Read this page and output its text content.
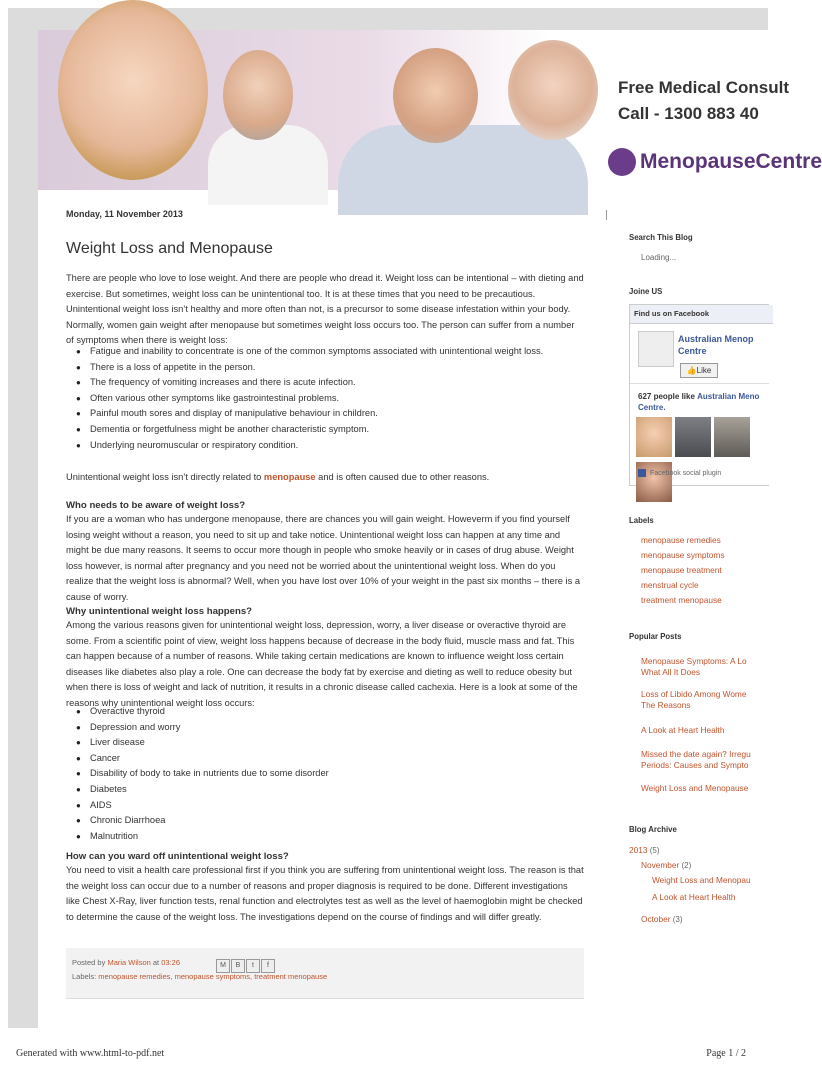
Free Medical Consult
Call - 1300 883 40
MenopauseCentre
Monday, 11 November 2013
Weight Loss and Menopause
There are people who love to lose weight. And there are people who dread it. Weight loss can be intentional – with dieting and exercise. But sometimes, weight loss can be unintentional too. It is at these times that you need to be precautious. Unintentional weight loss isn’t healthy and more often than not, is a precursor to some disease infestation within your body. Normally, women gain weight after menopause but sometimes weight loss occurs too. The person can suffer from a number of symptoms when there is weight loss:
● Fatigue and inability to concentrate is one of the common symptoms associated with unintentional weight loss.
● There is a loss of appetite in the person.
● The frequency of vomiting increases and there is acute infection.
● Often various other symptoms like gastrointestinal problems.
● Painful mouth sores and display of manipulative behaviour in children.
● Dementia or forgetfulness might be another characteristic symptom.
● Underlying neuromuscular or respiratory condition.
Unintentional weight loss isn’t directly related to menopause and is often caused due to other reasons.
Who needs to be aware of weight loss?
If you are a woman who has undergone menopause, there are chances you will gain weight. Howeverm if you find yourself losing weight without a reason, you need to sit up and take notice. Unintentional weight loss can happen at any time and might be due many reasons. It seems to occur more though in people who smoke heavily or in cases of drug abuse. Weight loss however, is normal after pregnancy and you need not be worried about the unintentional weight loss. When do you realize that the weight loss is abnormal? Well, when you have lost over 10% of your weight in the past six months – there is a cause of worry.
Why unintentional weight loss happens?
Among the various reasons given for unintentional weight loss, depression, worry, a liver disease or overactive thyroid are some. From a scientific point of view, weight loss happens because of decrease in the body fluid, muscle mass and fat. This can happen because of a number of reasons. While taking certain medications are known to influence weight loss certain diseases like diabetes also play a role. One can decrease the body fat by exercise and dieting as well to reduce obesity but when there is loss of weight and lack of nutrition, it results in a chronic disease called cachexia. Here is a look at some of the reasons why unintentional weight loss occurs:
● Overactive thyroid
● Depression and worry
● Liver disease
● Cancer
● Disability of body to take in nutrients due to some disorder
● Diabetes
● AIDS
● Chronic Diarrhoea
● Malnutrition
How can you ward off unintentional weight loss?
You need to visit a health care professional first if you think you are suffering from unintentional weight loss. The reason is that the weight loss can occur due to a number of reasons and proper diagnosis is required to be done. Different investigations like Chest X-Ray, liver function tests, renal function and electrolytes test as well as the level of haemoglobin might be checked to determine the cause of the weight loss. The investigations depend on the course of findings and will differ greatly.
Posted by Maria Wilson at 03:26	M B t f
Labels: menopause remedies, menopause symptoms, treatment menopause
Search This Blog
Loading...
Joine US
Find us on Facebook
Australian Menop
Centre
👍Like
627 people like Australian Meno
Centre.
Facebook social plugin
Labels
menopause remedies
menopause symptoms
menopause treatment
menstrual cycle
treatment menopause
Popular Posts
Menopause Symptoms: A Lo
What All It Does
Loss of Libido Among Wome
The Reasons
A Look at Heart Health
Missed the date again? Irregu
Periods: Causes and Sympto
Weight Loss and Menopause
Blog Archive
2013 (5)
November (2)
Weight Loss and Menopau
A Look at Heart Health
October (3)
Generated with www.html-to-pdf.net	Page 1 / 2
